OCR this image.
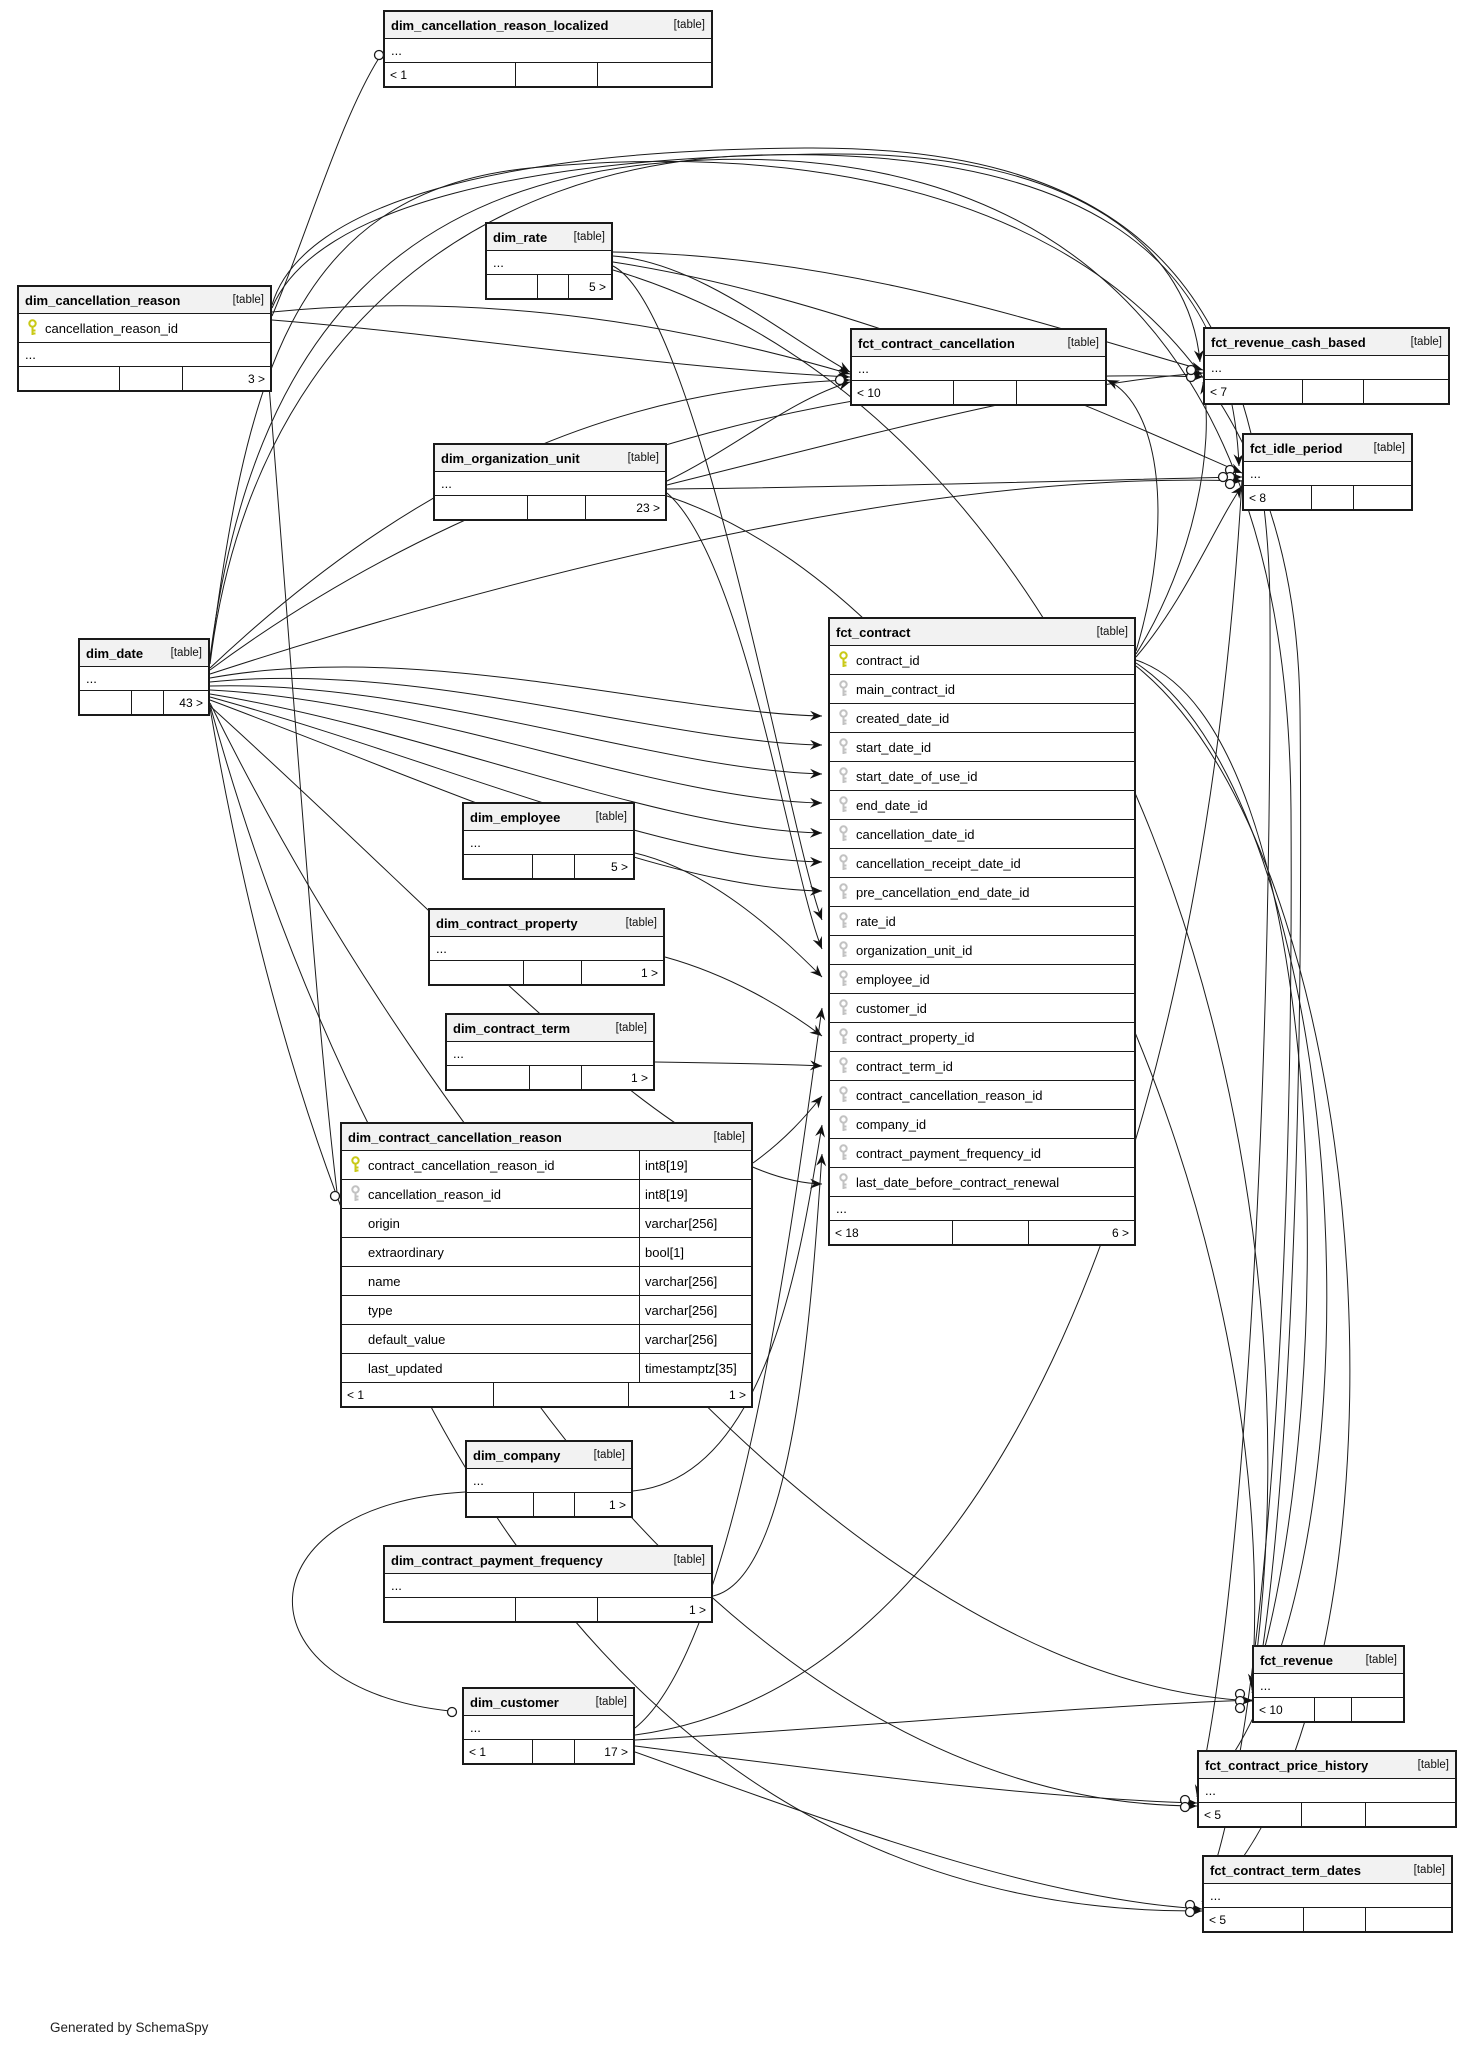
dim_cancellation_reason_localized	[table]
...
< 1
dim_rate [table]
...
5 >
dim_cancellation_reason	[table]
cancellation_reason_id
...
3 >
fct_contract_cancellation	[table]
...
< 10
fct_revenue_cash_based	[table]
...
< 7
fct_idle_period	[table]
...
< 8
dim_organization_unit	[table]
...
23 >
dim_date [table]
...
43 >
fct_contract	[table]
contract_id
main_contract_id
created_date_id
start_date_id
start_date_of_use_id
end_date_id
cancellation_date_id
cancellation_receipt_date_id
pre_cancellation_end_date_id
rate_id
organization_unit_id
employee_id
customer_id
contract_property_id
contract_term_id
contract_cancellation_reason_id
company_id
contract_payment_frequency_id
last_date_before_contract_renewal
...
< 18	6 >
dim_employee	[table]
...
5 >
dim_contract_property	[table]
...
1 >
dim_contract_term	[table]
...
1 >
dim_contract_cancellation_reason	[table]
contract_cancellation_reason_id	int8[19]
cancellation_reason_id	int8[19]
origin	varchar[256]
extraordinary	bool[1]
name	varchar[256]
type	varchar[256]
default_value	varchar[256]
last_updated	timestamptz[35]
< 1	1 >
dim_company	[table]
...
1 >
dim_contract_payment_frequency	[table]
...
1 >
dim_customer	[table]
...
< 1	17 >
fct_revenue	[table]
...
< 10
fct_contract_price_history	[table]
...
< 5
fct_contract_term_dates	[table]
...
< 5
Generated by SchemaSpy
